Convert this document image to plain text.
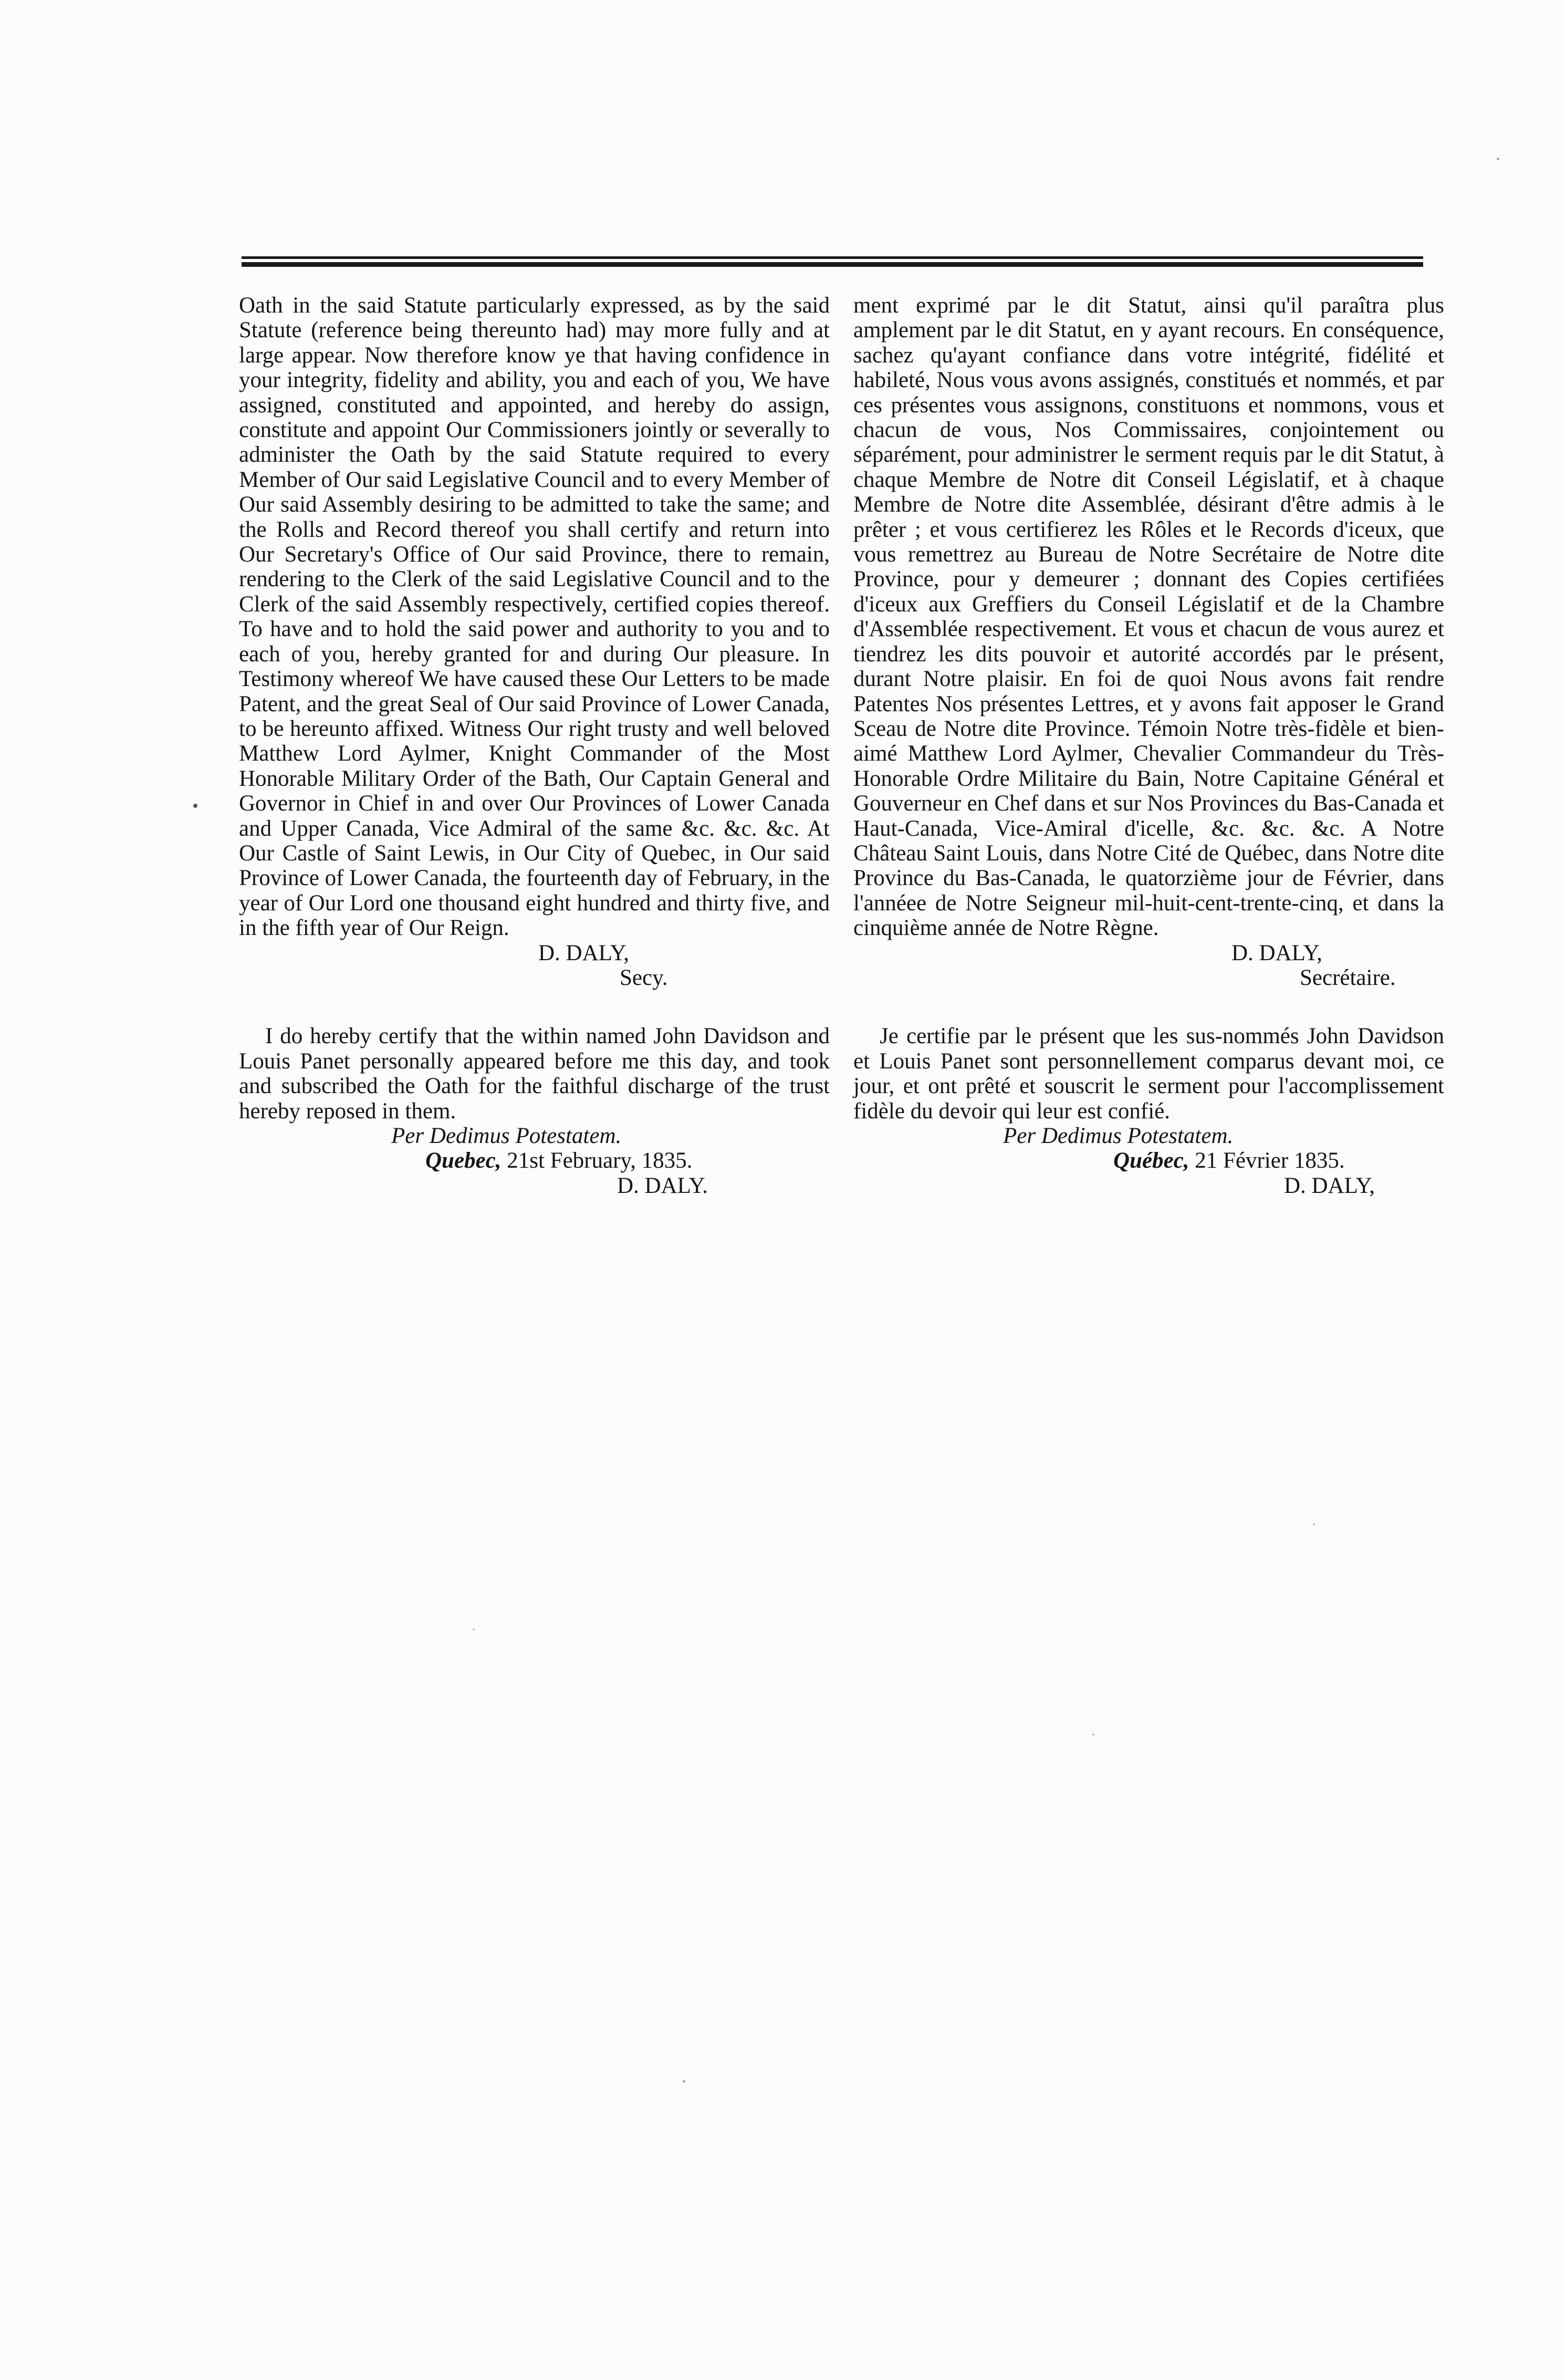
Oath in the said Statute particularly expressed, as by the said Statute (reference being thereunto had) may more fully and at large appear. Now therefore know ye that having confidence in your integrity, fidelity and ability, you and each of you, We have assigned, constituted and appointed, and hereby do assign, constitute and appoint Our Commissioners jointly or severally to administer the Oath by the said Statute required to every Member of Our said Legislative Council and to every Member of Our said Assembly desiring to be admitted to take the same; and the Rolls and Record thereof you shall certify and return into Our Secretary's Office of Our said Province, there to remain, rendering to the Clerk of the said Legislative Council and to the Clerk of the said Assembly respectively, certified copies thereof. To have and to hold the said power and authority to you and to each of you, hereby granted for and during Our pleasure. In Testimony whereof We have caused these Our Letters to be made Patent, and the great Seal of Our said Province of Lower Canada, to be hereunto affixed. Witness Our right trusty and well beloved Matthew Lord Aylmer, Knight Commander of the Most Honorable Military Order of the Bath, Our Captain General and Governor in Chief in and over Our Provinces of Lower Canada and Upper Canada, Vice Admiral of the same &c. &c. &c. At Our Castle of Saint Lewis, in Our City of Quebec, in Our said Province of Lower Canada, the fourteenth day of February, in the year of Our Lord one thousand eight hundred and thirty five, and in the fifth year of Our Reign.

D. DALY,

Secy.

I do hereby certify that the within named John Davidson and Louis Panet personally appeared before me this day, and took and subscribed the Oath for the faithful discharge of the trust hereby reposed in them.

Per Dedimus Potestatem.

Quebec, 21st February, 1835.

D. DALY.

ment exprimé par le dit Statut, ainsi qu'il paraîtra plus amplement par le dit Statut, en y ayant recours. En conséquence, sachez qu'ayant confiance dans votre intégrité, fidélité et habileté, Nous vous avons assignés, constitués et nommés, et par ces présentes vous assignons, constituons et nommons, vous et chacun de vous, Nos Commissaires, conjointement ou séparément, pour administrer le serment requis par le dit Statut, à chaque Membre de Notre dit Conseil Législatif, et à chaque Membre de Notre dite Assemblée, désirant d'être admis à le prêter ; et vous certifierez les Rôles et le Records d'iceux, que vous remettrez au Bureau de Notre Secrétaire de Notre dite Province, pour y demeurer ; donnant des Copies certifiées d'iceux aux Greffiers du Conseil Législatif et de la Chambre d'Assemblée respectivement. Et vous et chacun de vous aurez et tiendrez les dits pouvoir et autorité accordés par le présent, durant Notre plaisir. En foi de quoi Nous avons fait rendre Patentes Nos présentes Lettres, et y avons fait apposer le Grand Sceau de Notre dite Province. Témoin Notre très-fidèle et bien-aimé Matthew Lord Aylmer, Chevalier Commandeur du Très-Honorable Ordre Militaire du Bain, Notre Capitaine Général et Gouverneur en Chef dans et sur Nos Provinces du Bas-Canada et Haut-Canada, Vice-Amiral d'icelle, &c. &c. &c. A Notre Château Saint Louis, dans Notre Cité de Québec, dans Notre dite Province du Bas-Canada, le quatorzième jour de Février, dans l'annéee de Notre Seigneur mil-huit-cent-trente-cinq, et dans la cinquième année de Notre Règne.

D. DALY,

Secrétaire.

Je certifie par le présent que les sus-nommés John Davidson et Louis Panet sont personnellement comparus devant moi, ce jour, et ont prêté et souscrit le serment pour l'accomplissement fidèle du devoir qui leur est confié.

Per Dedimus Potestatem.

Québec, 21 Février 1835.

D. DALY,
